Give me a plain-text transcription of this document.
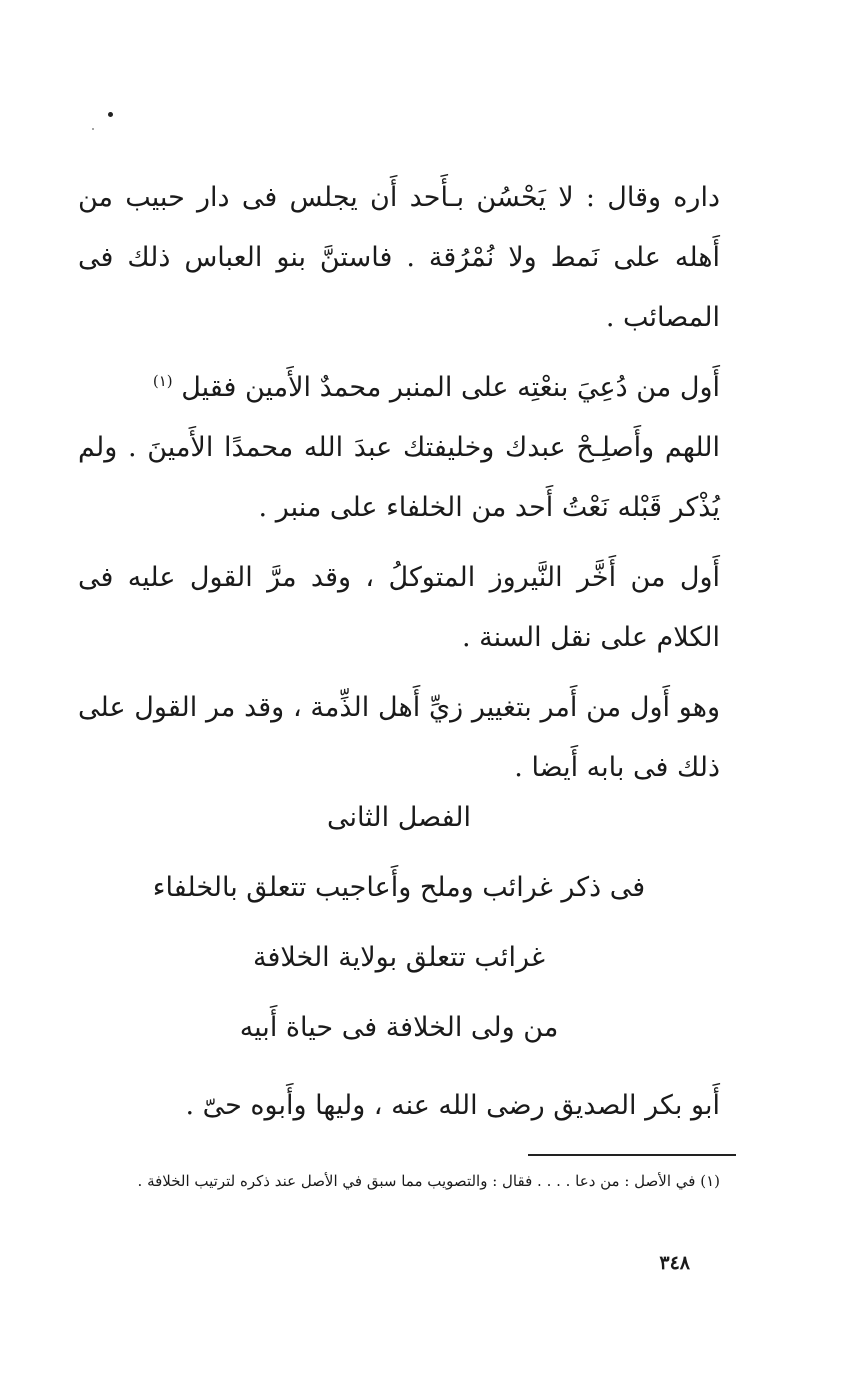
داره وقال : لا يَحْسُن بـأَحد أَن يجلس فى دار حبيب من أَهله على نَمط ولا نُمْرُقة . فاستنَّ بنو العباس ذلك فى المصائب .

أَول من دُعِيَ بنعْتِه على المنبر محمدٌ الأَمين فقيل $^{(١)}$

اللهم وأَصلِـحْ عبدك وخليفتك عبدَ الله محمدًا الأَمينَ . ولم يُذْكر قَبْله نَعْتُ أَحد من الخلفاء على منبر .

أَول من أَخَّر النَّيروز المتوكلُ ، وقد مرَّ القول عليه فى الكلام على نقل السنة .

وهو أَول من أَمر بتغيير زيِّ أَهل الذِّمة ، وقد مر القول على ذلك فى بابه أَيضا .

الفصل الثانى
فى ذكر غرائب وملح وأَعاجيب تتعلق بالخلفاء
غرائب تتعلق بولاية الخلافة
من ولى الخلافة فى حياة أَبيه
أَبو بكر الصديق رضى الله عنه ، وليها وأَبوه حىّ .
(١) في الأصل : من دعا . . . . فقال : والتصويب مما سبق في الأصل عند ذكره لترتيب الخلافة .
٣٤٨
